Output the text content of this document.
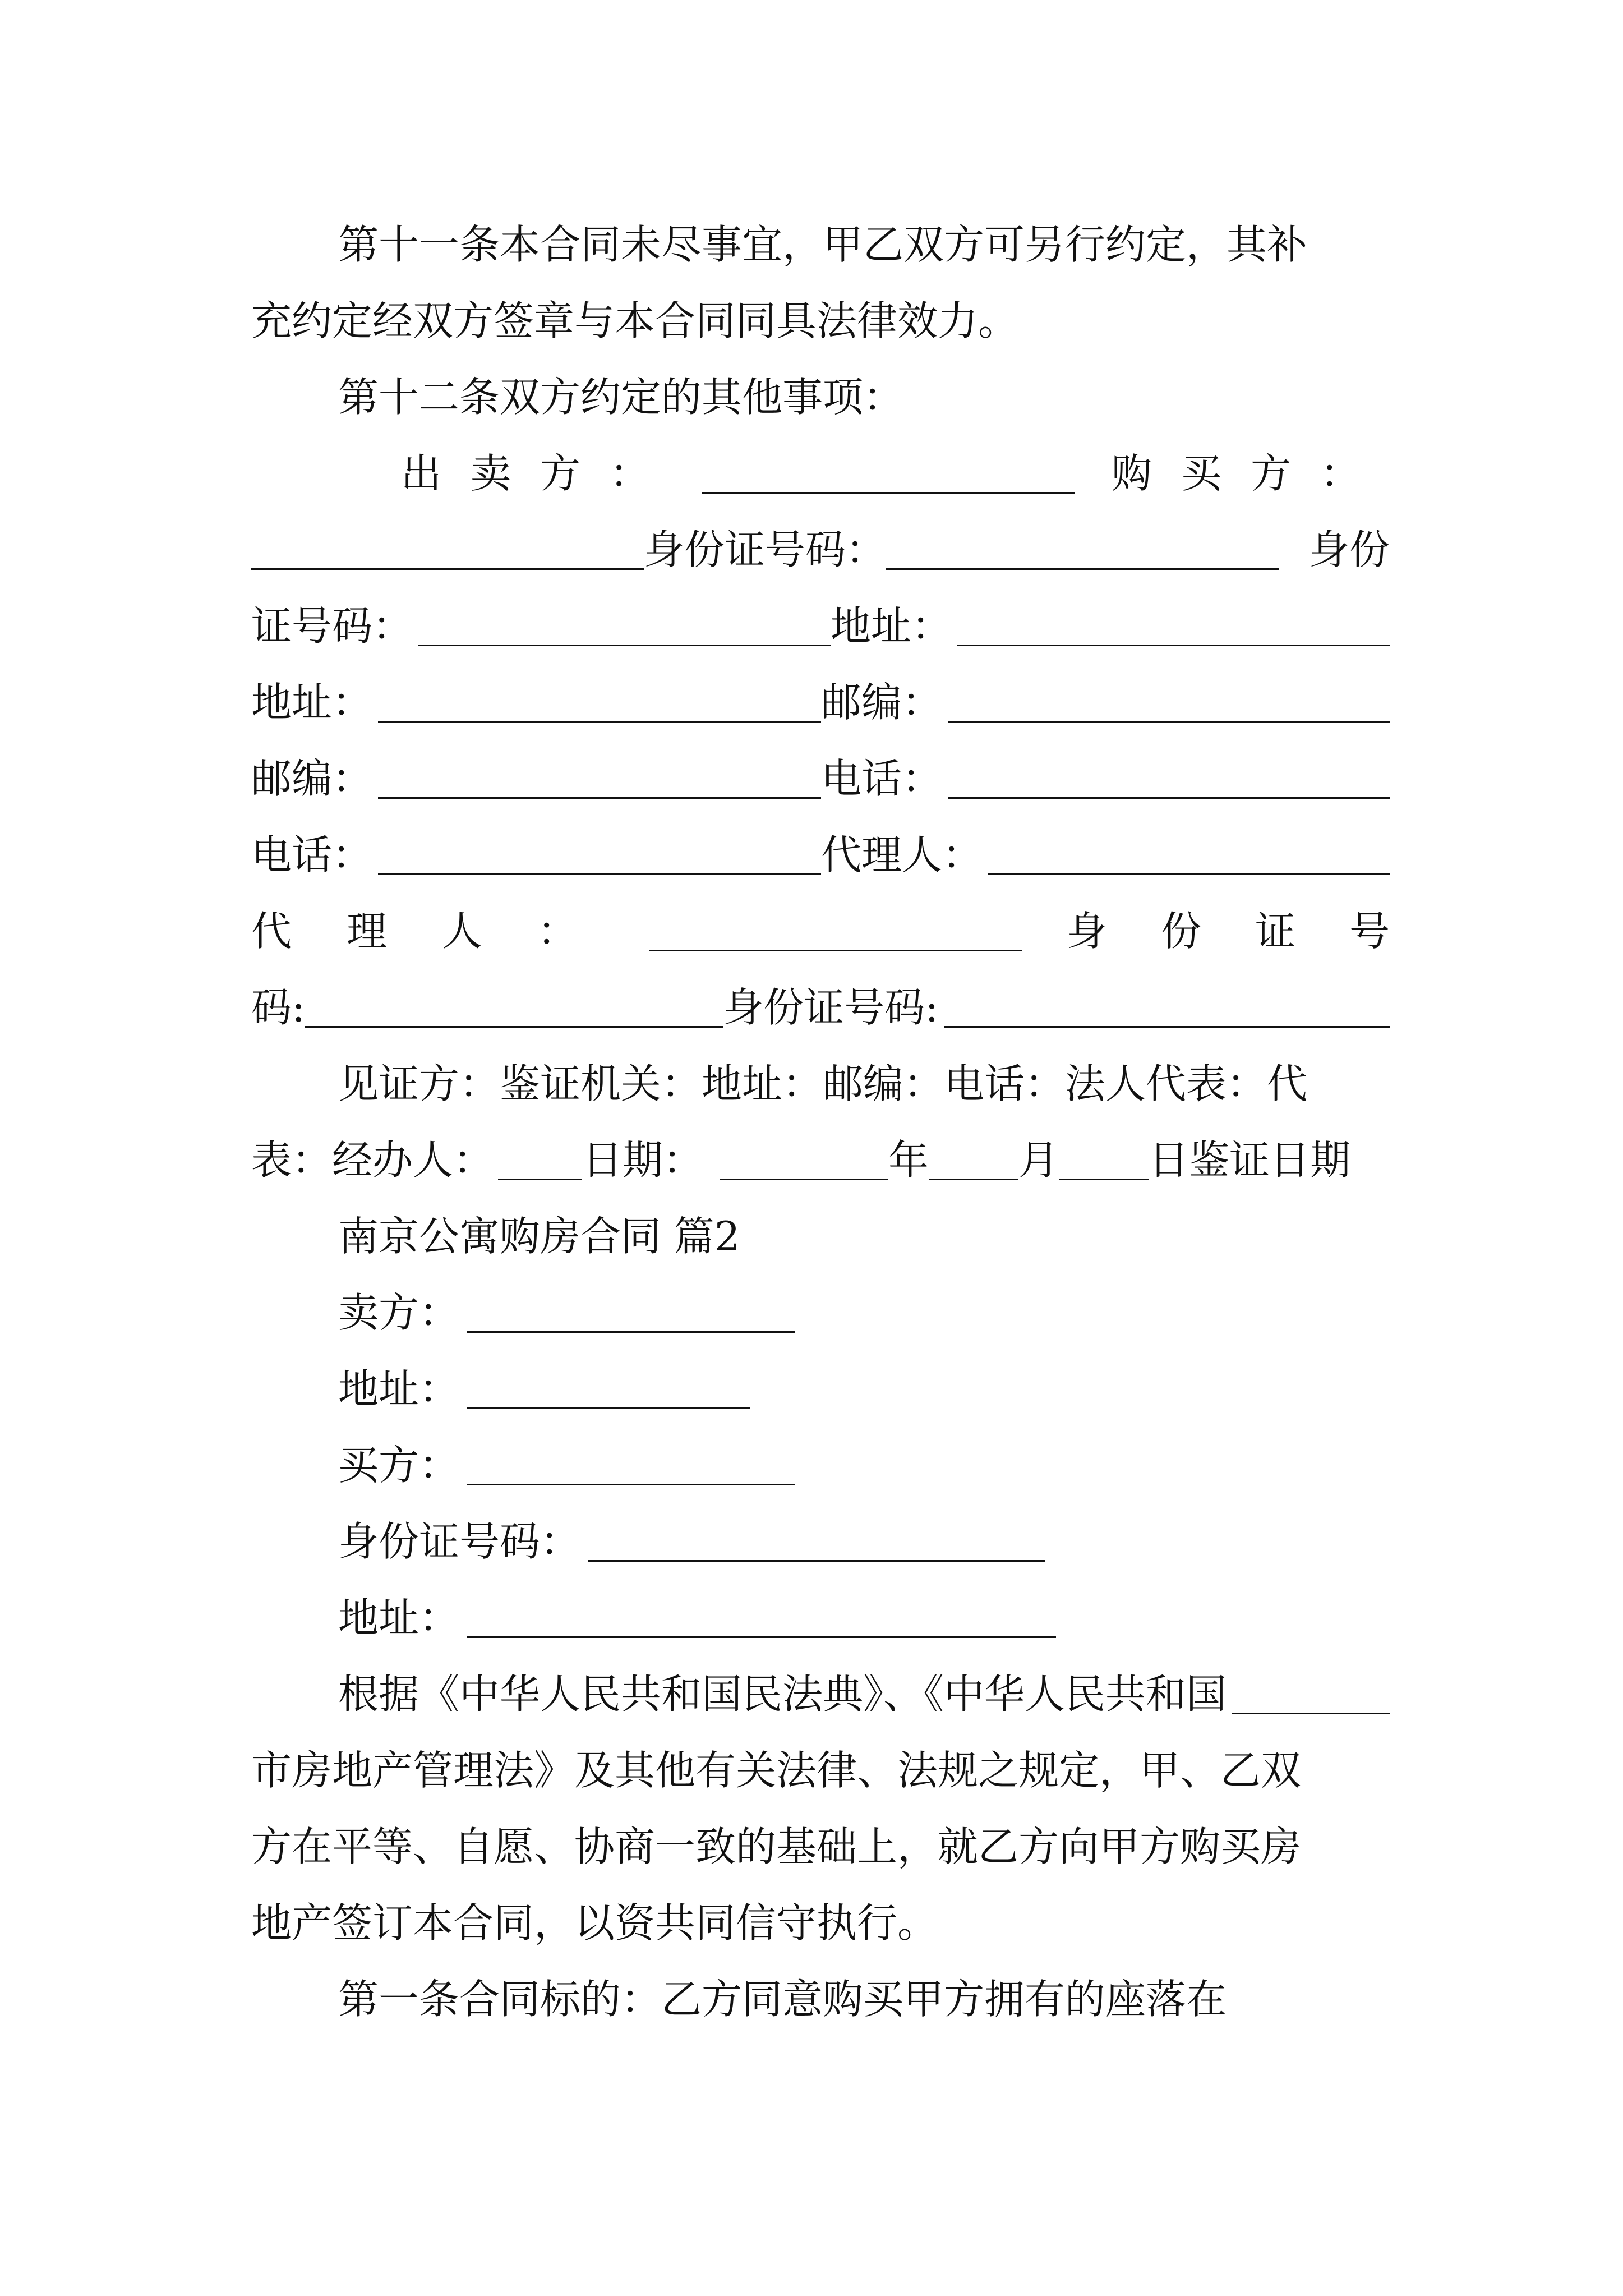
第十一条本合同未尽事宜，甲乙双方可另行约定，其补
充约定经双方签章与本合同同具法律效力。
第十二条双方约定的其他事项：
出卖方：	购买方：
身份证号码：	身份
证号码：	地址：
地址：	邮编：
邮编：	电话：
电话：	代理人：
代理人：	身份证号
码:	身份证号码:
见证方：鉴证机关：地址：邮编：电话：法人代表：代
表：经办人： 日期：	年 月 日鉴证日期
南京公寓购房合同 篇2
卖方：
地址：
买方：
身份证号码：
地址：
根据《中华人民共和国民法典》、《中华人民共和国
市房地产管理法》及其他有关法律、法规之规定，甲、乙双
方在平等、自愿、协商一致的基础上，就乙方向甲方购买房
地产签订本合同，以资共同信守执行。
第一条合同标的：乙方同意购买甲方拥有的座落在
